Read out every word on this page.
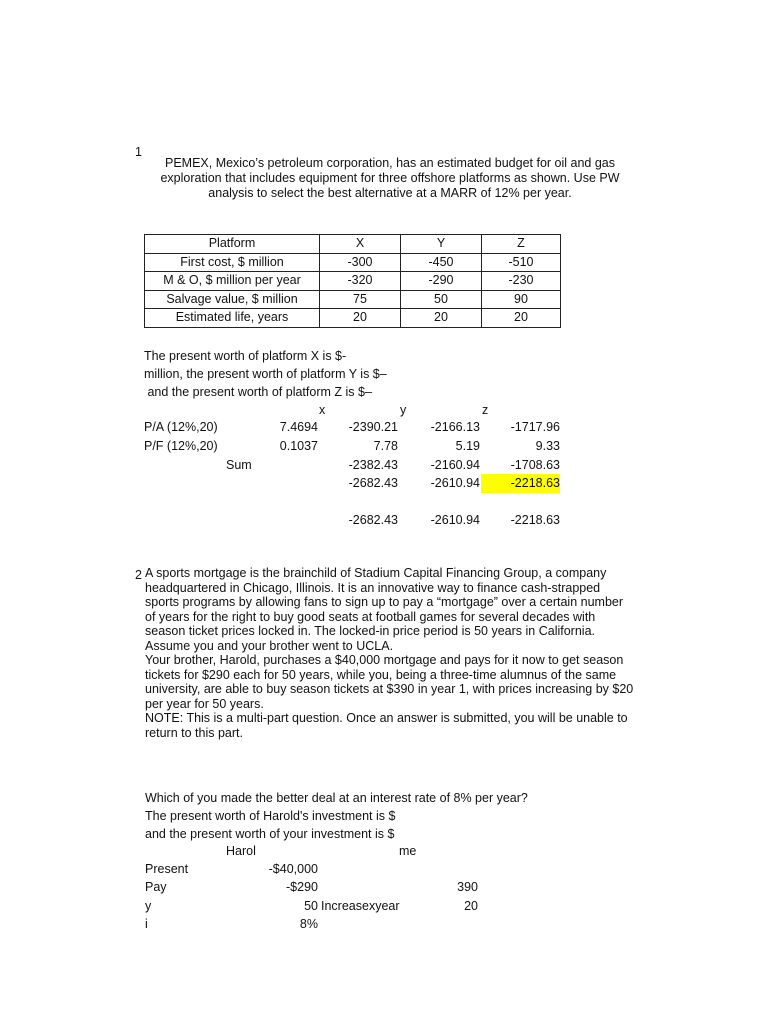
1
PEMEX, Mexico’s petroleum corporation, has an estimated budget for oil and gas
exploration that includes equipment for three offshore platforms as shown. Use PW
analysis to select the best alternative at a MARR of 12% per year.
Platform	X	Y	Z
First cost, $ million	-300	-450	-510
M & O, $ million per year	-320	-290	-230
Salvage value, $ million	75	50	90
Estimated life, years	20	20	20
The present worth of platform X is $-
million, the present worth of platform Y is $–
and the present worth of platform Z is $–
x	y	z
P/A (12%,20)	7.4694	-2390.21	-2166.13	-1717.96
P/F (12%,20)	0.1037	7.78	5.19	9.33
Sum	-2382.43	-2160.94	-1708.63
-2682.43	-2610.94	-2218.63
-2682.43	-2610.94	-2218.63
2 A sports mortgage is the brainchild of Stadium Capital Financing Group, a company
headquartered in Chicago, Illinois. It is an innovative way to finance cash-strapped
sports programs by allowing fans to sign up to pay a “mortgage” over a certain number
of years for the right to buy good seats at football games for several decades with
season ticket prices locked in. The locked-in price period is 50 years in California.
Assume you and your brother went to UCLA.
Your brother, Harold, purchases a $40,000 mortgage and pays for it now to get season
tickets for $290 each for 50 years, while you, being a three-time alumnus of the same
university, are able to buy season tickets at $390 in year 1, with prices increasing by $20
per year for 50 years.
NOTE: This is a multi-part question. Once an answer is submitted, you will be unable to
return to this part.
Which of you made the better deal at an interest rate of 8% per year?
The present worth of Harold's investment is $
and the present worth of your investment is $
Harol	me
Present	-$40,000
Pay	-$290	390
y	50 Increasexyear	20
i	8%
